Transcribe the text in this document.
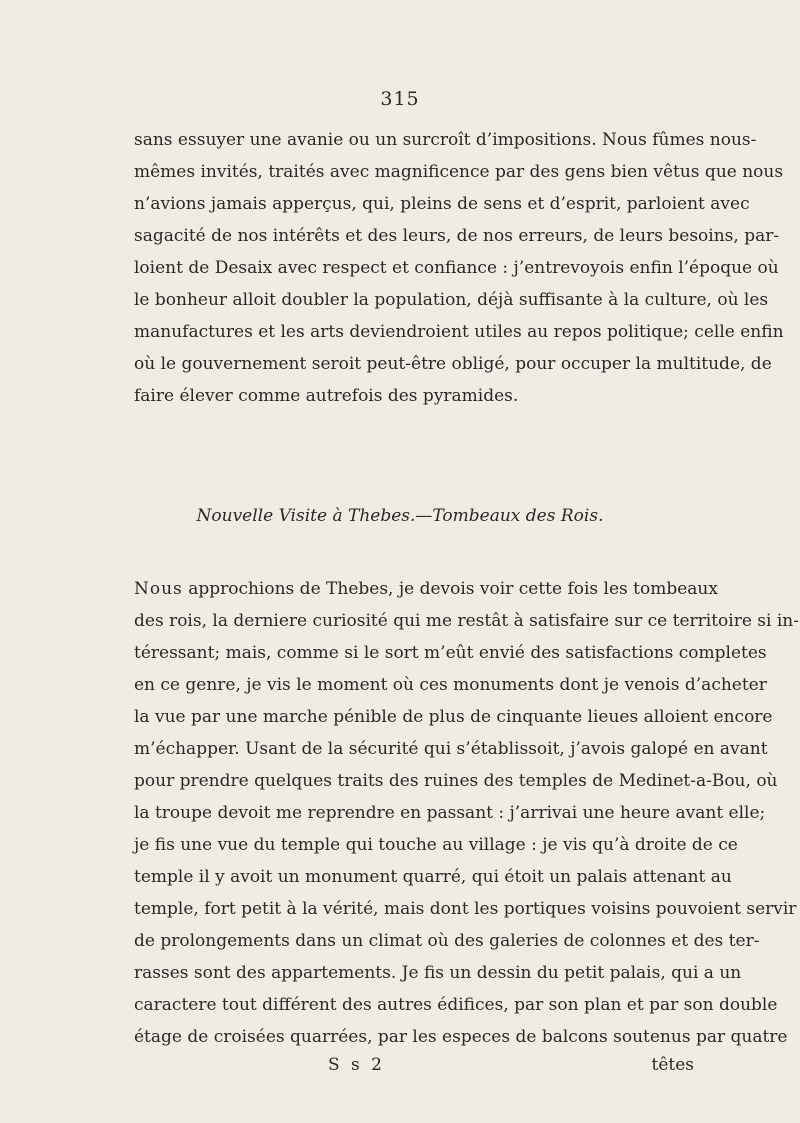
315
sans essuyer une avanie ou un surcroît d’impositions. Nous fûmes nous-
mêmes invités, traités avec magnificence par des gens bien vêtus que nous
n’avions jamais apperçus, qui, pleins de sens et d’esprit, parloient avec
sagacité de nos intérêts et des leurs, de nos erreurs, de leurs besoins, par-
loient de Desaix avec respect et confiance : j’entrevoyois enfin l’époque où
le bonheur alloit doubler la population, déjà suffisante à la culture, où les
manufactures et les arts deviendroient utiles au repos politique; celle enfin
où le gouvernement seroit peut-être obligé, pour occuper la multitude, de
faire élever comme autrefois des pyramides.
Nouvelle Visite à Thebes.—Tombeaux des Rois.
Nous approchions de Thebes, je devois voir cette fois les tombeaux
des rois, la derniere curiosité qui me restât à satisfaire sur ce territoire si in-
téressant; mais, comme si le sort m’eût envié des satisfactions completes
en ce genre, je vis le moment où ces monuments dont je venois d’acheter
la vue par une marche pénible de plus de cinquante lieues alloient encore
m’échapper. Usant de la sécurité qui s’établissoit, j’avois galopé en avant
pour prendre quelques traits des ruines des temples de Medinet-a-Bou, où
la troupe devoit me reprendre en passant : j’arrivai une heure avant elle;
je fis une vue du temple qui touche au village : je vis qu’à droite de ce
temple il y avoit un monument quarré, qui étoit un palais attenant au
temple, fort petit à la vérité, mais dont les portiques voisins pouvoient servir
de prolongements dans un climat où des galeries de colonnes et des ter-
rasses sont des appartements. Je fis un dessin du petit palais, qui a un
caractere tout différent des autres édifices, par son plan et par son double
étage de croisées quarrées, par les especes de balcons soutenus par quatre
S s 2	têtes
